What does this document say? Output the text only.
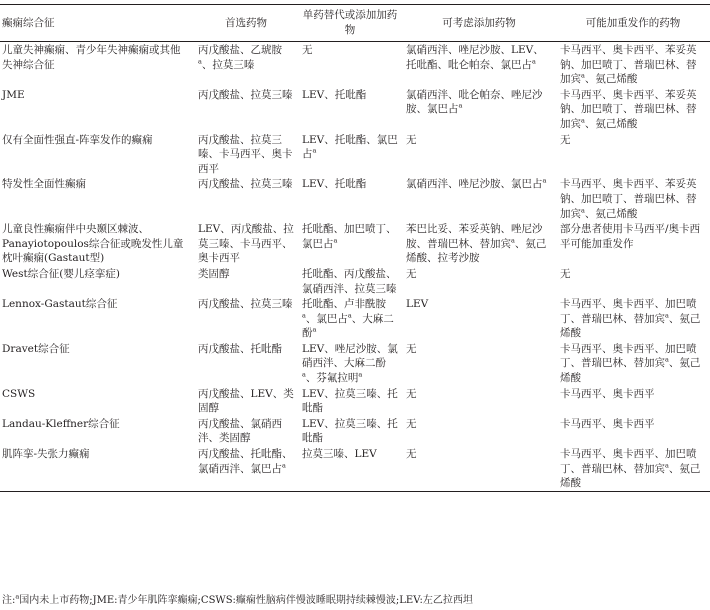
癫痫综合征	首选药物	单药替代或添加加药物	可考虑添加药物	可能加重发作的药物
儿童失神癫痫、青少年失神癫痫或其他失神综合征	丙戊酸盐、乙琥胺$^a$、拉莫三嗪	无	氯硝西泮、唑尼沙胺、LEV、托吡酯、吡仑帕奈、氯巴占$^a$	卡马西平、奥卡西平、苯妥英钠、加巴喷丁、普瑞巴林、替加宾$^a$、氨己烯酸
JME	丙戊酸盐、拉莫三嗪	LEV、托吡酯	氯硝西泮、吡仑帕奈、唑尼沙胺、氯巴占$^a$	卡马西平、奥卡西平、苯妥英钠、加巴喷丁、普瑞巴林、替加宾$^a$、氨己烯酸
仅有全面性强直-阵挛发作的癫痫	丙戊酸盐、拉莫三嗪、卡马西平、奥卡西平	LEV、托吡酯、氯巴占$^a$	无	无
特发性全面性癫痫	丙戊酸盐、拉莫三嗪	LEV、托吡酯	氯硝西泮、唑尼沙胺、氯巴占$^a$	卡马西平、奥卡西平、苯妥英钠、加巴喷丁、普瑞巴林、替加宾$^a$、氨己烯酸
儿童良性癫痫伴中央颞区棘波、Panayiotopoulos综合征或晚发性儿童枕叶癫痫(Gastaut型)	LEV、丙戊酸盐、拉莫三嗪、卡马西平、奥卡西平	托吡酯、加巴喷丁、氯巴占$^a$	苯巴比妥、苯妥英钠、唑尼沙胺、普瑞巴林、替加宾$^a$、氨己烯酸、拉考沙胺	部分患者使用卡马西平/奥卡西平可能加重发作
West综合征(婴儿痉挛症)	类固醇	托吡酯、丙戊酸盐、氯硝西泮、拉莫三嗪	无	无
Lennox-Gastaut综合征	丙戊酸盐、拉莫三嗪	托吡酯、卢非酰胺$^a$、氯巴占$^a$、大麻二酚$^a$	LEV	卡马西平、奥卡西平、加巴喷丁、普瑞巴林、替加宾$^a$、氨己烯酸
Dravet综合征	丙戊酸盐、托吡酯	LEV、唑尼沙胺、氯硝西泮、大麻二酚$^a$、芬氟拉明$^a$	无	卡马西平、奥卡西平、加巴喷丁、普瑞巴林、替加宾$^a$、氨己烯酸
CSWS	丙戊酸盐、LEV、类固醇	LEV、拉莫三嗪、托吡酯	无	卡马西平、奥卡西平
Landau-Kleffner综合征	丙戊酸盐、氯硝西泮、类固醇	LEV、拉莫三嗪、托吡酯	无	卡马西平、奥卡西平
肌阵挛-失张力癫痫	丙戊酸盐、托吡酯、氯硝西泮、氯巴占$^a$	拉莫三嗪、LEV	无	卡马西平、奥卡西平、加巴喷丁、普瑞巴林、替加宾$^a$、氨己烯酸
注:$^a$国内未上市药物;JME:青少年肌阵挛癫痫;CSWS:癫痫性脑病伴慢波睡眠期持续棘慢波;LEV:左乙拉西坦
